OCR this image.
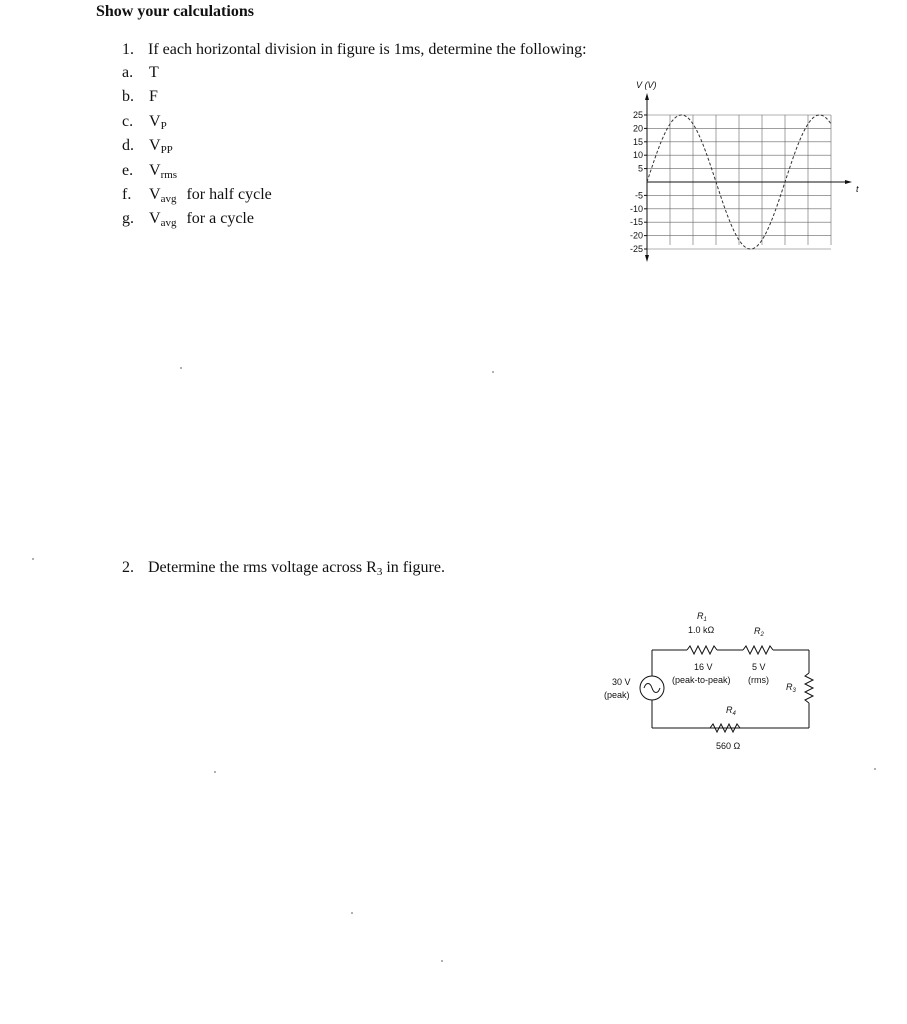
Show your calculations
1. If each horizontal division in figure is 1ms, determine the following:
a. T
b. F
c. $V_P$
d. $V_{PP}$
e. $V_{rms}$
f. $V_{avg}$ for half cycle
g. $V_{avg}$ for a cycle
2. Determine the rms voltage across $R_3$ in figure.
V (V)
25
20
15
10
5
-5
-10
-15
-20
-25
t
$R_1$
1.0 kΩ	$R_2$
16 V
(peak-to-peak)
5 V
(rms)
$R_3$
$R_4$
560 Ω
30 V
(peak)
